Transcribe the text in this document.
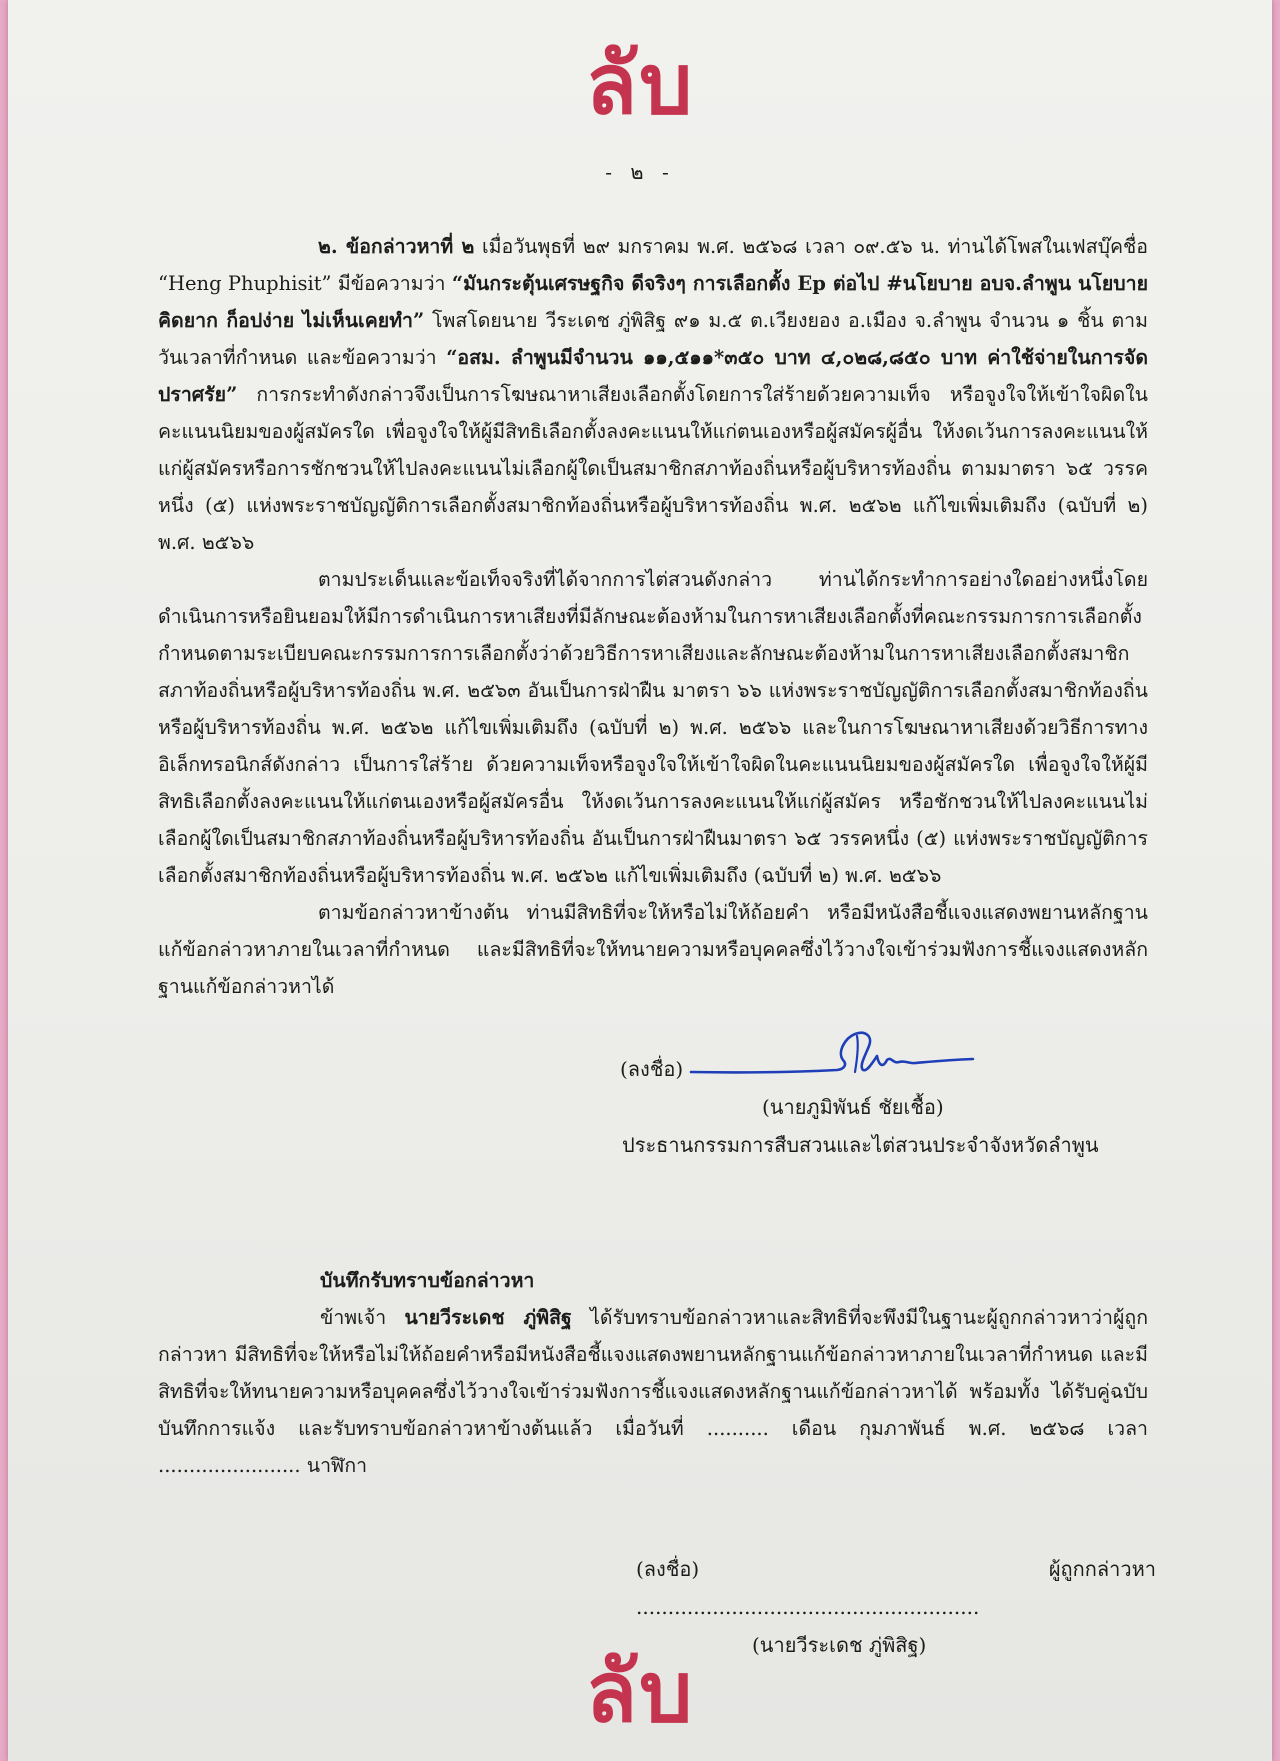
ลับ
- ๒ -

๒. ข้อกล่าวหาที่ ๒ เมื่อวันพุธที่ ๒๙ มกราคม พ.ศ. ๒๕๖๘ เวลา ๐๙.๕๖ น. ท่านได้โพสในเฟสบุ๊คชื่อ “Heng Phuphisit” มีข้อความว่า “มันกระตุ้นเศรษฐกิจ ดีจริงๆ การเลือกตั้ง Ep ต่อไป #นโยบาย อบจ.ลำพูน นโยบายคิดยาก ก็อปง่าย ไม่เห็นเคยทำ” โพสโดยนาย วีระเดช ภู่พิสิฐ ๙๑ ม.๕ ต.เวียงยอง อ.เมือง จ.ลำพูน จำนวน ๑ ชิ้น ตาม วันเวลาที่กำหนด และข้อความว่า “อสม. ลำพูนมีจำนวน ๑๑,๕๑๑*๓๕๐ บาท ๔,๐๒๘,๘๕๐ บาท ค่าใช้จ่ายในการจัดปราศรัย” การกระทำดังกล่าวจึงเป็นการโฆษณาหาเสียงเลือกตั้งโดยการใส่ร้ายด้วยความเท็จ หรือจูงใจให้เข้าใจผิดในคะแนนนิยมของผู้สมัครใด เพื่อจูงใจให้ผู้มีสิทธิเลือกตั้งลงคะแนนให้แก่ตนเองหรือผู้สมัครผู้อื่น ให้งดเว้นการลงคะแนนให้แก่ผู้สมัครหรือการชักชวนให้ไปลงคะแนนไม่เลือกผู้ใดเป็นสมาชิกสภาท้องถิ่นหรือผู้บริหารท้องถิ่น ตามมาตรา ๖๕ วรรคหนึ่ง (๕) แห่งพระราชบัญญัติการเลือกตั้งสมาชิกท้องถิ่นหรือผู้บริหารท้องถิ่น พ.ศ. ๒๕๖๒ แก้ไขเพิ่มเติมถึง (ฉบับที่ ๒) พ.ศ. ๒๕๖๖

ตามประเด็นและข้อเท็จจริงที่ได้จากการไต่สวนดังกล่าว ท่านได้กระทำการอย่างใดอย่างหนึ่งโดยดำเนินการหรือยินยอมให้มีการดำเนินการหาเสียงที่มีลักษณะต้องห้ามในการหาเสียงเลือกตั้งที่คณะกรรมการการเลือกตั้งกำหนดตามระเบียบคณะกรรมการการเลือกตั้งว่าด้วยวิธีการหาเสียงและลักษณะต้องห้ามในการหาเสียงเลือกตั้งสมาชิกสภาท้องถิ่นหรือผู้บริหารท้องถิ่น พ.ศ. ๒๕๖๓ อันเป็นการฝ่าฝืน มาตรา ๖๖ แห่งพระราชบัญญัติการเลือกตั้งสมาชิกท้องถิ่นหรือผู้บริหารท้องถิ่น พ.ศ. ๒๕๖๒ แก้ไขเพิ่มเติมถึง (ฉบับที่ ๒) พ.ศ. ๒๕๖๖ และในการโฆษณาหาเสียงด้วยวิธีการทางอิเล็กทรอนิกส์ดังกล่าว เป็นการใส่ร้าย ด้วยความเท็จหรือจูงใจให้เข้าใจผิดในคะแนนนิยมของผู้สมัครใด เพื่อจูงใจให้ผู้มีสิทธิเลือกตั้งลงคะแนนให้แก่ตนเองหรือผู้สมัครอื่น ให้งดเว้นการลงคะแนนให้แก่ผู้สมัคร หรือชักชวนให้ไปลงคะแนนไม่เลือกผู้ใดเป็นสมาชิกสภาท้องถิ่นหรือผู้บริหารท้องถิ่น อันเป็นการฝ่าฝืนมาตรา ๖๕ วรรคหนึ่ง (๕) แห่งพระราชบัญญัติการเลือกตั้งสมาชิกท้องถิ่นหรือผู้บริหารท้องถิ่น พ.ศ. ๒๕๖๒ แก้ไขเพิ่มเติมถึง (ฉบับที่ ๒) พ.ศ. ๒๕๖๖

ตามข้อกล่าวหาข้างต้น ท่านมีสิทธิที่จะให้หรือไม่ให้ถ้อยคำ หรือมีหนังสือชี้แจงแสดงพยานหลักฐานแก้ข้อกล่าวหาภายในเวลาที่กำหนด และมีสิทธิที่จะให้ทนายความหรือบุคคลซึ่งไว้วางใจเข้าร่วมฟังการชี้แจงแสดงหลักฐานแก้ข้อกล่าวหาได้

(ลงชื่อ)
(นายภูมิพันธ์ ชัยเชื้อ)
ประธานกรรมการสืบสวนและไต่สวนประจำจังหวัดลำพูน

บันทึกรับทราบข้อกล่าวหา

ข้าพเจ้า นายวีระเดช ภู่พิสิฐ ได้รับทราบข้อกล่าวหาและสิทธิที่จะพึงมีในฐานะผู้ถูกกล่าวหาว่าผู้ถูกกล่าวหา มีสิทธิที่จะให้หรือไม่ให้ถ้อยคำหรือมีหนังสือชี้แจงแสดงพยานหลักฐานแก้ข้อกล่าวหาภายในเวลาที่กำหนด และมีสิทธิที่จะให้ทนายความหรือบุคคลซึ่งไว้วางใจเข้าร่วมฟังการชี้แจงแสดงหลักฐานแก้ข้อกล่าวหาได้ พร้อมทั้ง ได้รับคู่ฉบับบันทึกการแจ้ง และรับทราบข้อกล่าวหาข้างต้นแล้ว เมื่อวันที่ .......... เดือน กุมภาพันธ์ พ.ศ. ๒๕๖๘ เวลา ....................... นาฬิกา

(ลงชื่อ) ......................................................
ผู้ถูกกล่าวหา
(นายวีระเดช ภู่พิสิฐ)
ลับ
